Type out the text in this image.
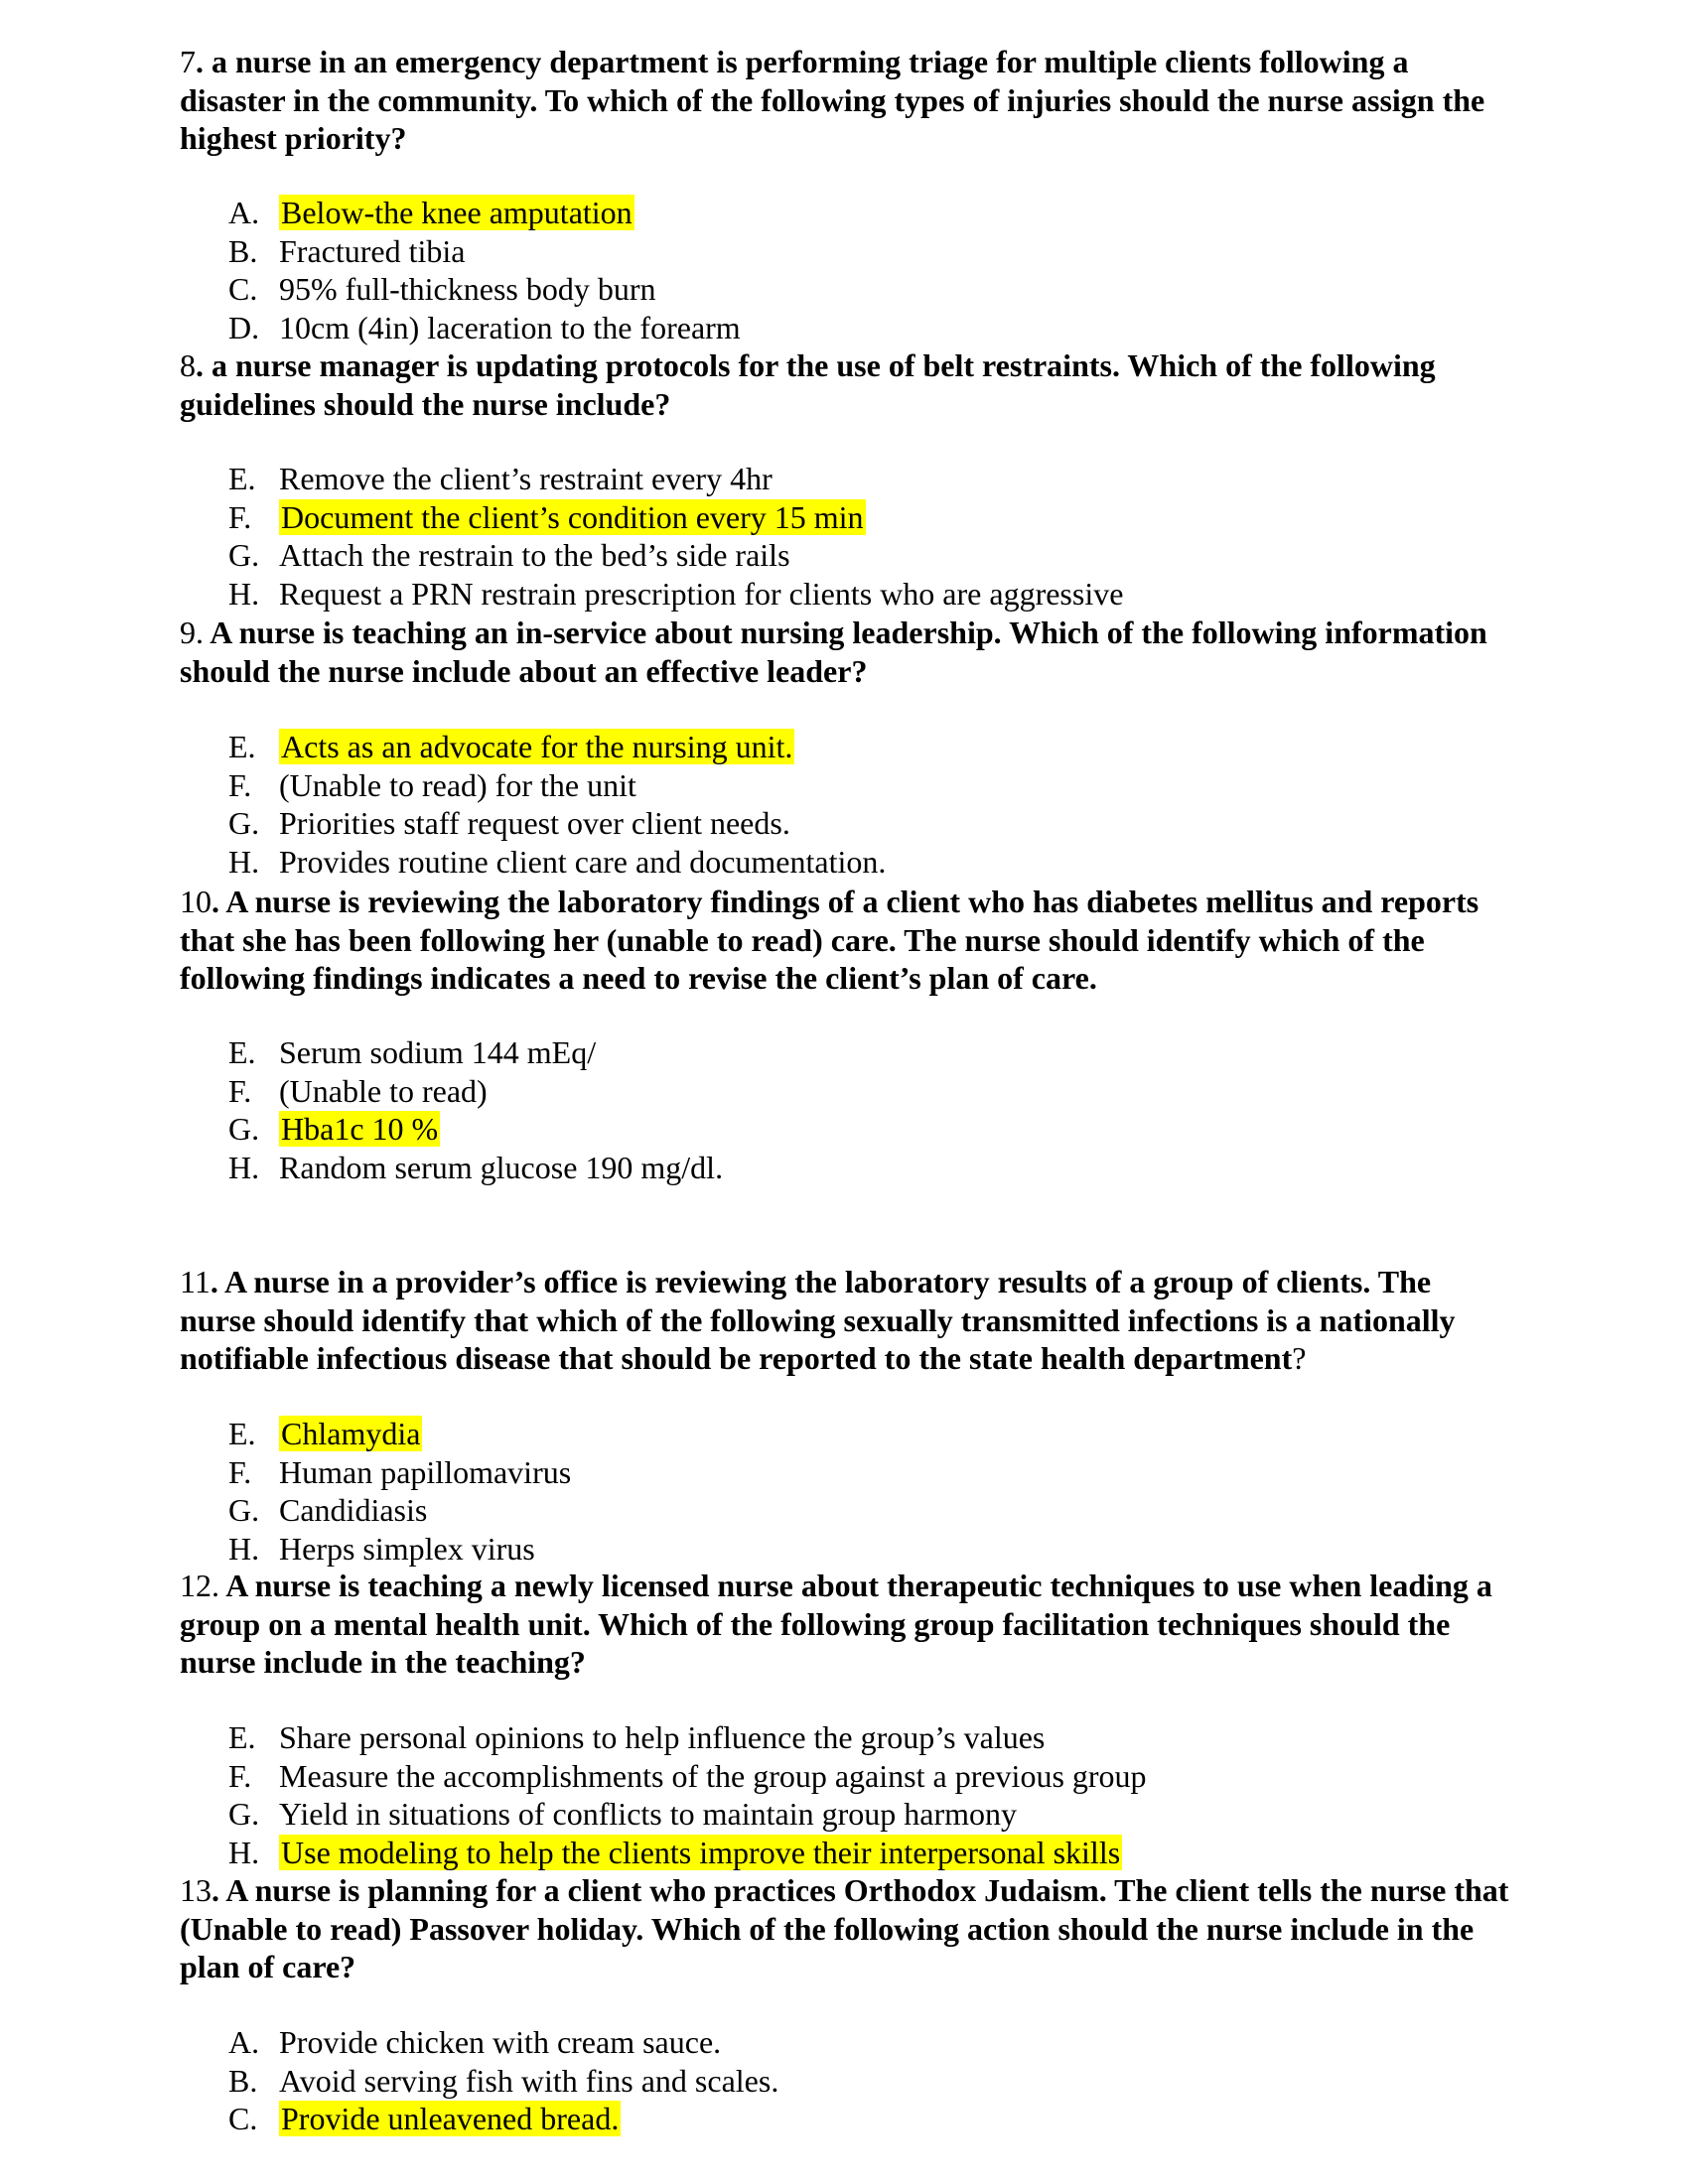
7. a nurse in an emergency department is performing triage for multiple clients following a disaster in the community. To which of the following types of injuries should the nurse assign the highest priority?
A. Below-the knee amputation
B. Fractured tibia
C. 95% full-thickness body burn
D. 10cm (4in) laceration to the forearm
8. a nurse manager is updating protocols for the use of belt restraints. Which of the following guidelines should the nurse include?
E. Remove the client’s restraint every 4hr
F. Document the client’s condition every 15 min
G. Attach the restrain to the bed’s side rails
H. Request a PRN restrain prescription for clients who are aggressive
9. A nurse is teaching an in-service about nursing leadership. Which of the following information should the nurse include about an effective leader?
E. Acts as an advocate for the nursing unit.
F. (Unable to read) for the unit
G. Priorities staff request over client needs.
H. Provides routine client care and documentation.
10. A nurse is reviewing the laboratory findings of a client who has diabetes mellitus and reports that she has been following her (unable to read) care. The nurse should identify which of the following findings indicates a need to revise the client’s plan of care.
E. Serum sodium 144 mEq/
F. (Unable to read)
G. Hba1c 10 %
H. Random serum glucose 190 mg/dl.
11. A nurse in a provider’s office is reviewing the laboratory results of a group of clients. The nurse should identify that which of the following sexually transmitted infections is a nationally notifiable infectious disease that should be reported to the state health department?
E. Chlamydia
F. Human papillomavirus
G. Candidiasis
H. Herps simplex virus
12. A nurse is teaching a newly licensed nurse about therapeutic techniques to use when leading a group on a mental health unit. Which of the following group facilitation techniques should the nurse include in the teaching?
E. Share personal opinions to help influence the group’s values
F. Measure the accomplishments of the group against a previous group
G. Yield in situations of conflicts to maintain group harmony
H. Use modeling to help the clients improve their interpersonal skills
13. A nurse is planning for a client who practices Orthodox Judaism. The client tells the nurse that (Unable to read) Passover holiday. Which of the following action should the nurse include in the plan of care?
A. Provide chicken with cream sauce.
B. Avoid serving fish with fins and scales.
C. Provide unleavened bread.
